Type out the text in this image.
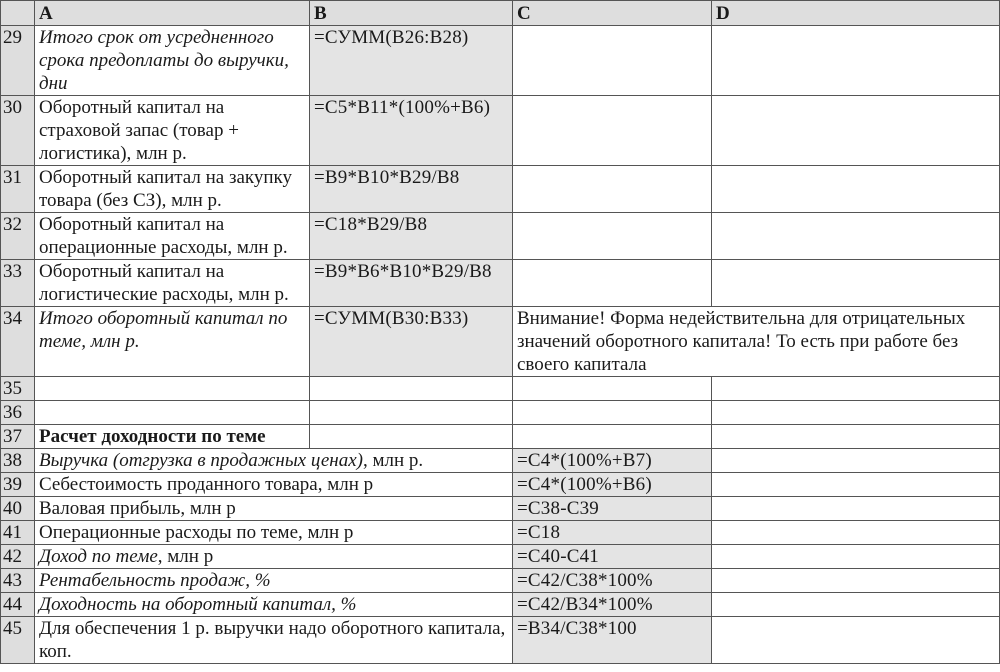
	A	B	C	D
29	Итого срок от усредненного срока предоплаты до выручки, дни	=СУММ(B26:B28)		
30	Оборотный капитал на страховой запас (товар + логистика), млн р.	=C5*B11*(100%+B6)		
31	Оборотный капитал на закупку товара (без СЗ), млн р.	=B9*B10*B29/B8		
32	Оборотный капитал на операционные расходы, млн р.	=C18*B29/B8		
33	Оборотный капитал на логистические расходы, млн р.	=B9*B6*B10*B29/B8		
34	Итого оборотный капитал по теме, млн р.	=СУММ(B30:B33)	Внимание! Форма недействительна для отрицательных значений оборотного капитала! То есть при работе без своего капитала	
35				
36				
37	Расчет доходности по теме			
38	Выручка (отгрузка в продажных ценах), млн р.		=C4*(100%+B7)	
39	Себестоимость проданного товара, млн р		=C4*(100%+B6)	
40	Валовая прибыль, млн р		=C38-C39	
41	Операционные расходы по теме, млн р		=C18	
42	Доход по теме, млн р		=C40-C41	
43	Рентабельность продаж, %		=C42/C38*100%	
44	Доходность на оборотный капитал, %		=C42/B34*100%	
45	Для обеспечения 1 р. выручки надо оборотного капитала, коп.		=B34/C38*100	
